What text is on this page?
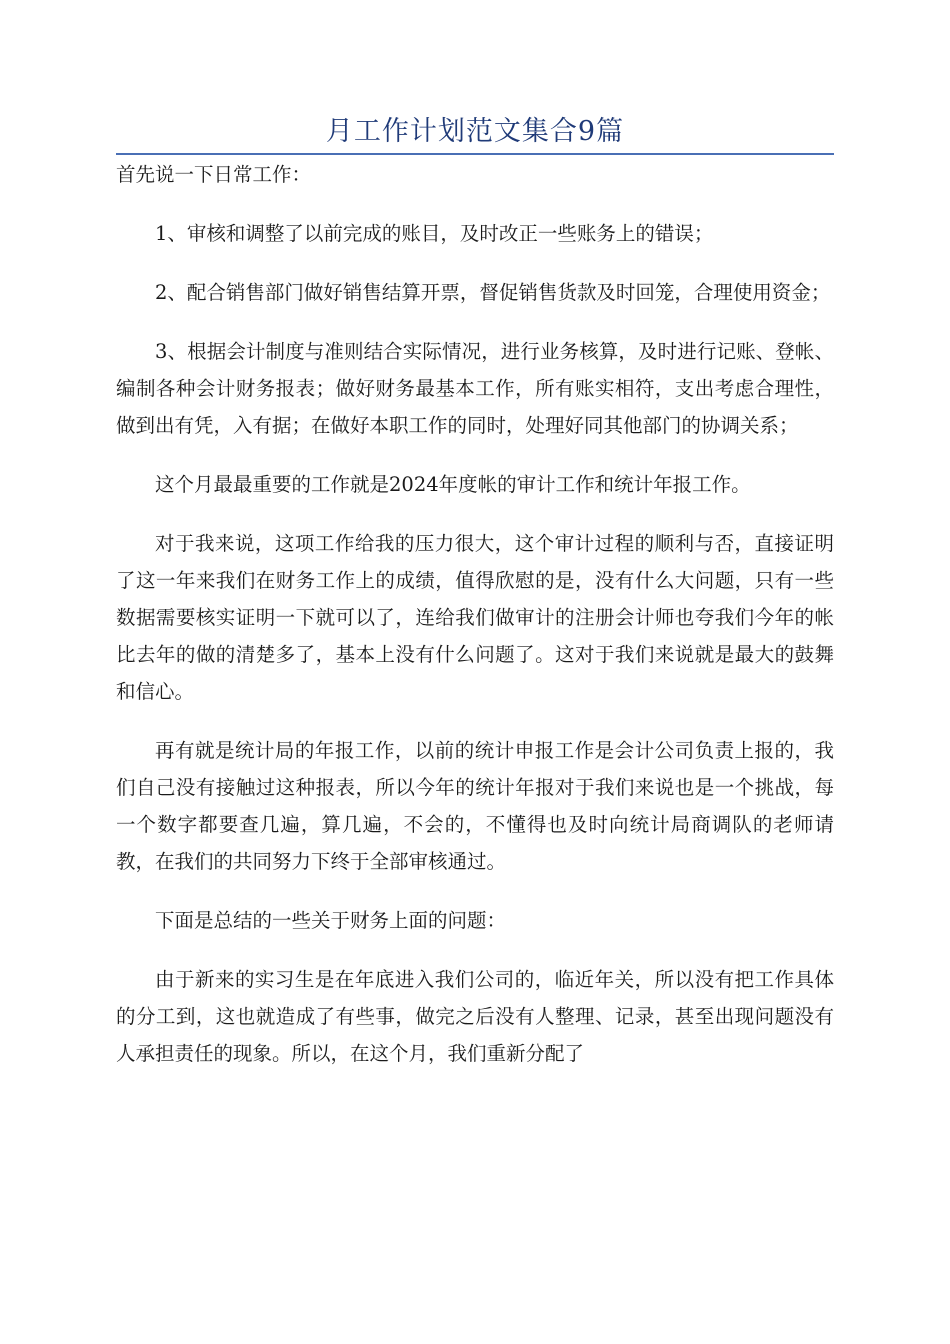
月工作计划范文集合9篇

首先说一下日常工作：

1、审核和调整了以前完成的账目，及时改正一些账务上的错误；

2、配合销售部门做好销售结算开票，督促销售货款及时回笼，合理使用资金；

3、根据会计制度与准则结合实际情况，进行业务核算，及时进行记账、登帐、编制各种会计财务报表；做好财务最基本工作，所有账实相符，支出考虑合理性，做到出有凭，入有据；在做好本职工作的同时，处理好同其他部门的协调关系；

这个月最最重要的工作就是2024年度帐的审计工作和统计年报工作。

对于我来说，这项工作给我的压力很大，这个审计过程的顺利与否，直接证明了这一年来我们在财务工作上的成绩，值得欣慰的是，没有什么大问题，只有一些数据需要核实证明一下就可以了，连给我们做审计的注册会计师也夸我们今年的帐比去年的做的清楚多了，基本上没有什么问题了。这对于我们来说就是最大的鼓舞和信心。

再有就是统计局的年报工作，以前的统计申报工作是会计公司负责上报的，我们自己没有接触过这种报表，所以今年的统计年报对于我们来说也是一个挑战，每一个数字都要查几遍，算几遍，不会的，不懂得也及时向统计局商调队的老师请教，在我们的共同努力下终于全部审核通过。

下面是总结的一些关于财务上面的问题：

由于新来的实习生是在年底进入我们公司的，临近年关，所以没有把工作具体的分工到，这也就造成了有些事，做完之后没有人整理、记录，甚至出现问题没有人承担责任的现象。所以，在这个月，我们重新分配了
